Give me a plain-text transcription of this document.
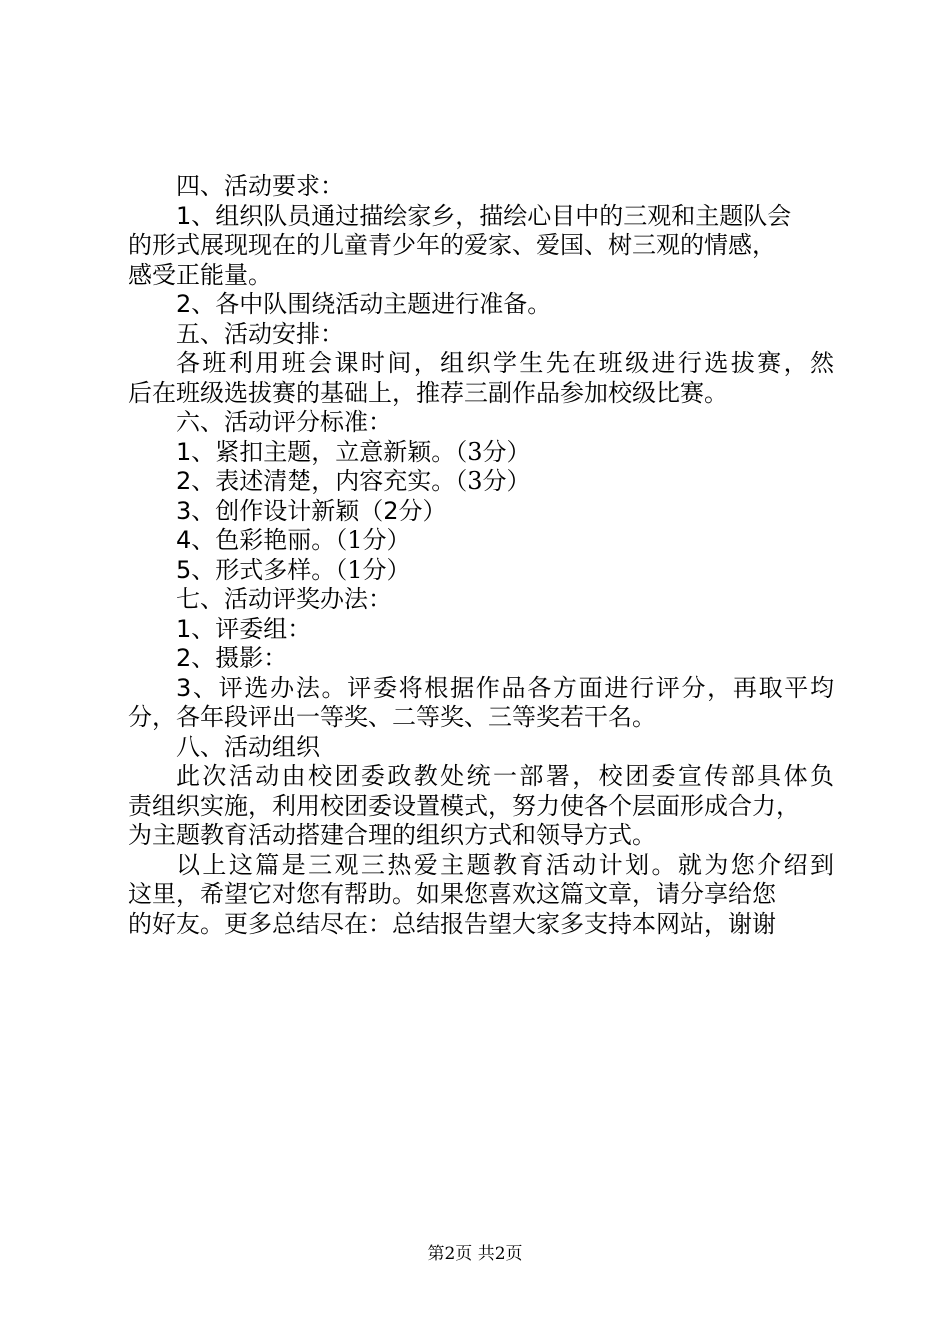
四、活动要求：
1、组织队员通过描绘家乡，描绘心目中的三观和主题队会
的形式展现现在的儿童青少年的爱家、爱国、树三观的情感，
感受正能量。
2、各中队围绕活动主题进行准备。
五、活动安排：
各班利用班会课时间，组织学生先在班级进行选拔赛，然
后在班级选拔赛的基础上，推荐三副作品参加校级比赛。
六、活动评分标准：
1、紧扣主题，立意新颖。（3分）
2、表述清楚，内容充实。（3分）
3、创作设计新颖（2分）
4、色彩艳丽。（1分）
5、形式多样。（1分）
七、活动评奖办法：
1、评委组：
2、摄影：
3、评选办法。评委将根据作品各方面进行评分，再取平均
分，各年段评出一等奖、二等奖、三等奖若干名。
八、活动组织
此次活动由校团委政教处统一部署，校团委宣传部具体负
责组织实施，利用校团委设置模式，努力使各个层面形成合力，
为主题教育活动搭建合理的组织方式和领导方式。
以上这篇是三观三热爱主题教育活动计划。就为您介绍到
这里，希望它对您有帮助。如果您喜欢这篇文章，请分享给您
的好友。更多总结尽在：总结报告望大家多支持本网站，谢谢
第2页 共2页
